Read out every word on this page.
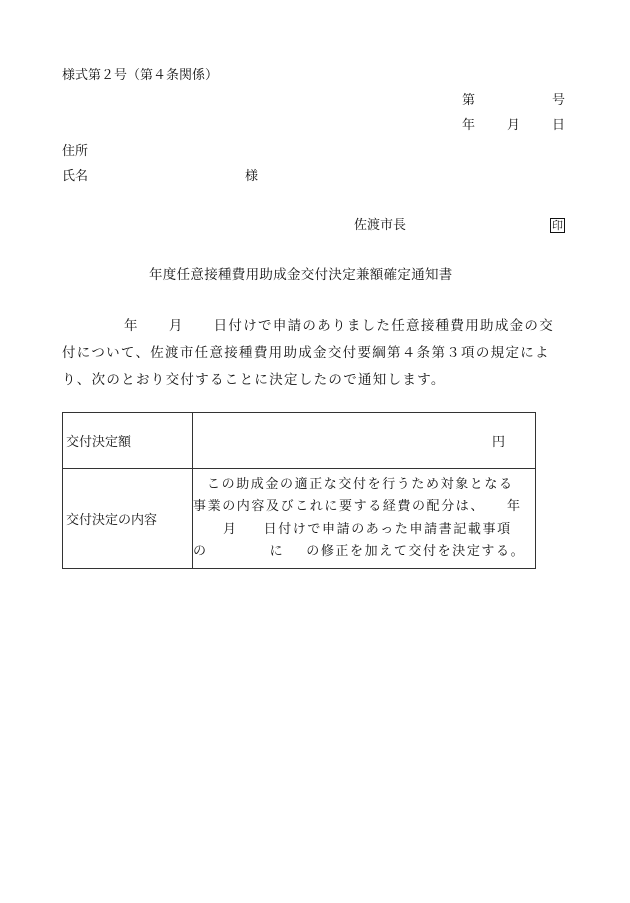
様式第２号（第４条関係）
第	号
年 月 日
住所
氏名	様
佐渡市長	印
年度任意接種費用助成金交付決定兼額確定通知書
年 月 日付けで申請のありました任意接種費用助成金の交
付について、佐渡市任意接種費用助成金交付要綱第４条第３項の規定によ
り、次のとおり交付することに決定したので通知します。
交付決定額	円
交付決定の内容	この助成金の適正な交付を行うため対象となる
事業の内容及びこれに要する経費の配分は、 年
月 日付けで申請のあった申請書記載事項
の に の修正を加えて交付を決定する。
